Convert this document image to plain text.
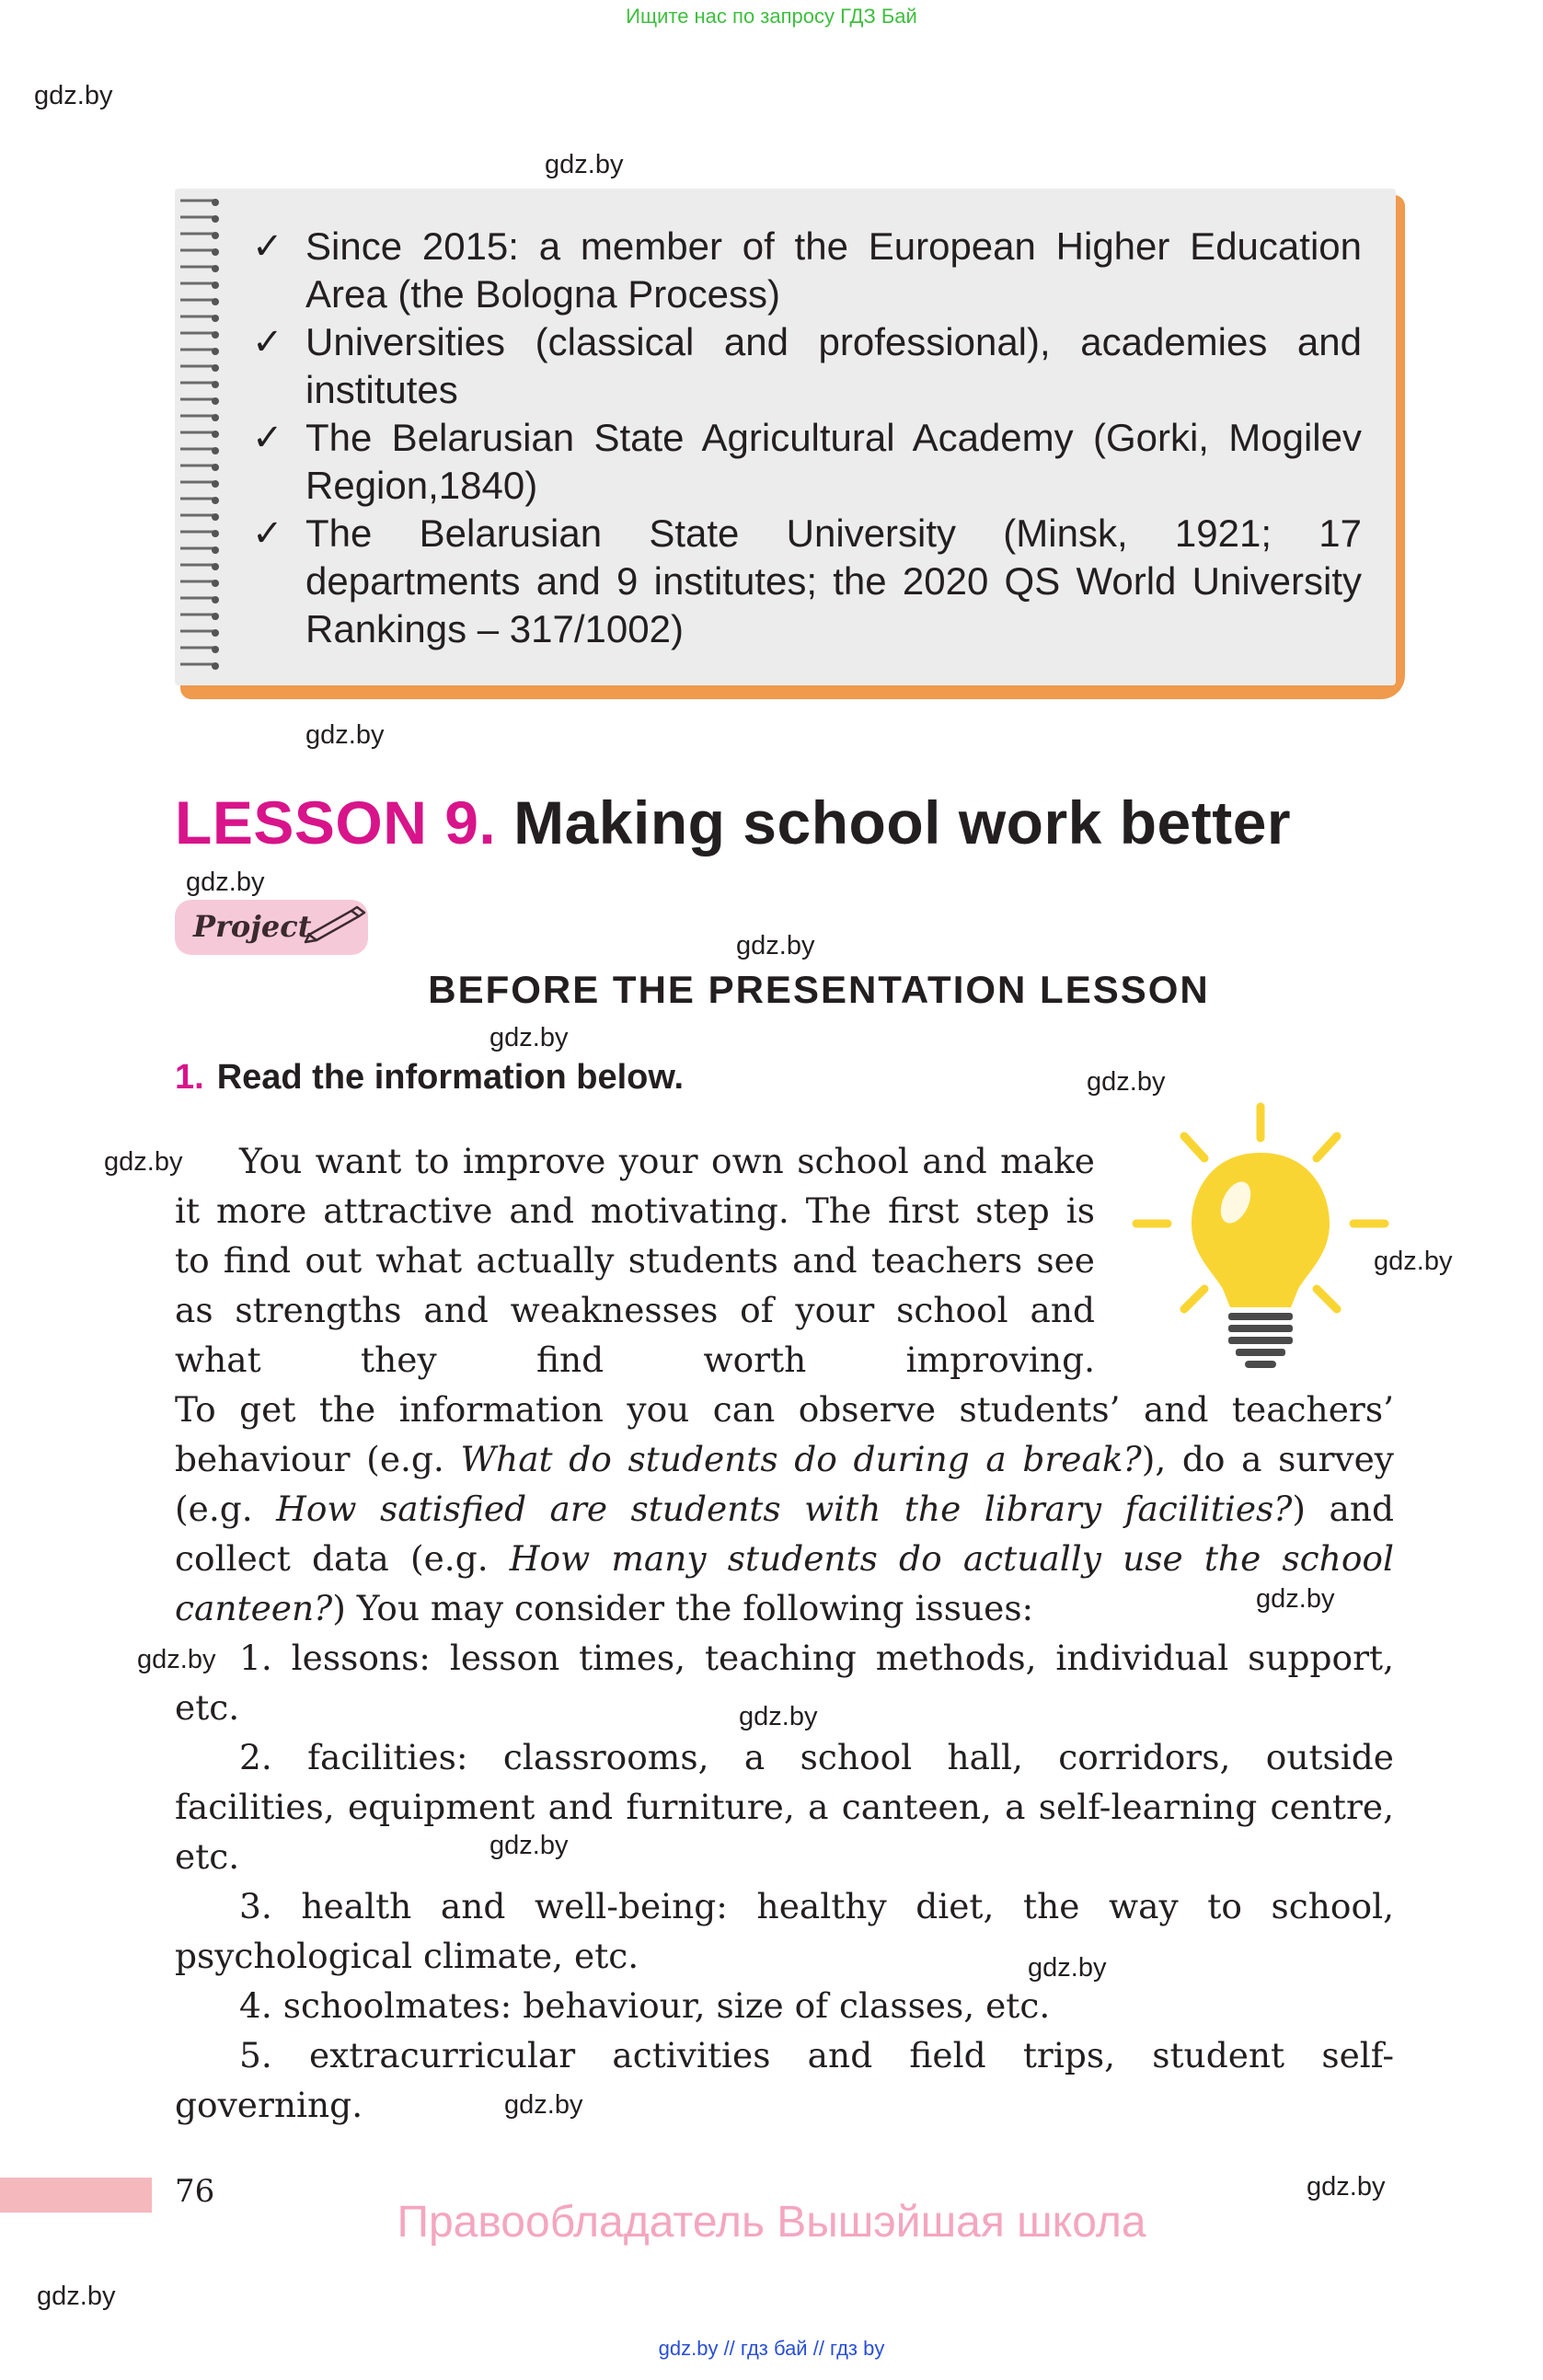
Ищите нас по запросу ГДЗ Бай
gdz.by
gdz.by
gdz.by
gdz.by
gdz.by
gdz.by
gdz.by
gdz.by
gdz.by
gdz.by
gdz.by
gdz.by
gdz.by
gdz.by
gdz.by
gdz.by
gdz.by
✓ Since 2015: a member of the European Higher Education Area (the Bologna Process)
✓ Universities (classical and professional), academies and institutes
✓ The Belarusian State Agricultural Academy (Gorki, Mogilev Region,1840)
✓ The Belarusian State University (Minsk, 1921; 17 departments and 9 institutes; the 2020 QS World University Rankings – 317/1002)
LESSON 9. Making school work better
Project
BEFORE THE PRESENTATION LESSON
1. Read the information below.
You want to improve your own school and make it more attractive and motivating. The first step is to find out what actually students and teachers see as strengths and weaknesses of your school and what they find worth improving.
To get the information you can observe students’ and teachers’ behaviour (e.g. What do students do during a break?), do a survey (e.g. How satisfied are students with the library facilities?) and collect data (e.g. How many students do actually use the school canteen?) You may consider the following issues:
1. lessons: lesson times, teaching methods, individual support, etc.
2. facilities: classrooms, a school hall, corridors, outside facilities, equipment and furniture, a canteen, a self-learning centre, etc.
3. health and well-being: healthy diet, the way to school, psychological climate, etc.
4. schoolmates: behaviour, size of classes, etc.
5. extracurricular activities and field trips, student self-governing.
76
Правообладатель Вышэйшая школа
gdz.by // гдз бай // гдз by
